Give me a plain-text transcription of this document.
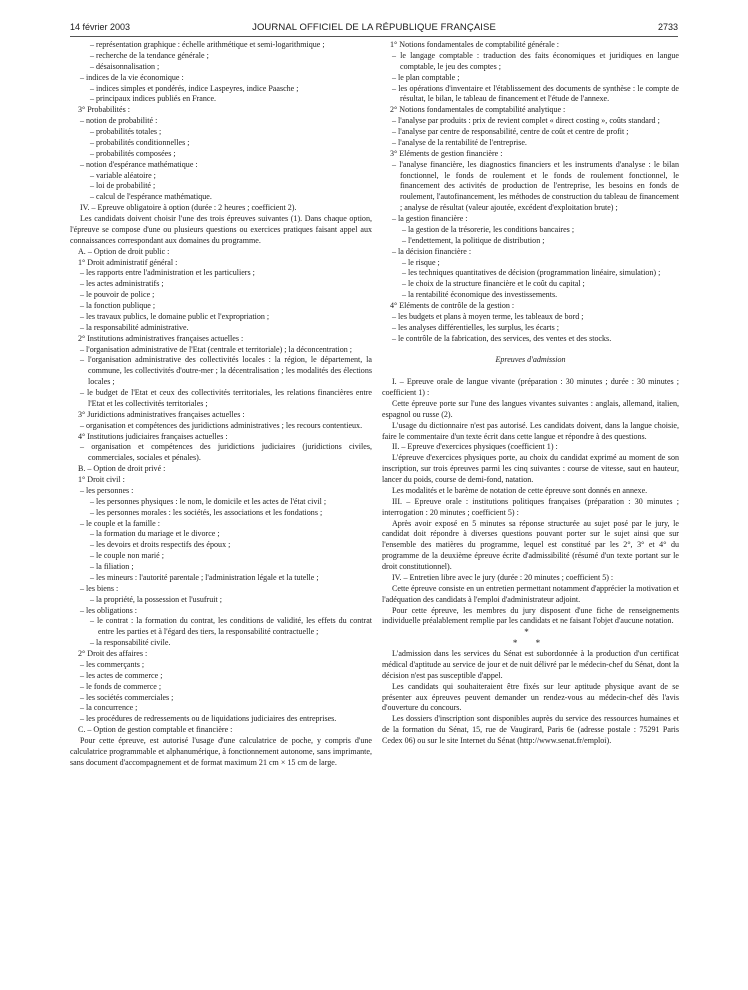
14 février 2003	JOURNAL OFFICIEL DE LA RÉPUBLIQUE FRANÇAISE	2733

– représentation graphique : échelle arithmétique et semi-logarithmique ;

– recherche de la tendance générale ;

– désaisonnalisation ;

– indices de la vie économique :

– indices simples et pondérés, indice Laspeyres, indice Paasche ;

– principaux indices publiés en France.

3° Probabilités :

– notion de probabilité :

– probabilités totales ;

– probabilités conditionnelles ;

– probabilités composées ;

– notion d'espérance mathématique :

– variable aléatoire ;

– loi de probabilité ;

– calcul de l'espérance mathématique.

IV. – Epreuve obligatoire à option (durée : 2 heures ; coefficient 2).

Les candidats doivent choisir l'une des trois épreuves suivantes (1). Dans chaque option, l'épreuve se compose d'une ou plusieurs questions ou exercices pratiques faisant appel aux connaissances correspondant aux domaines du programme.

A. – Option de droit public :

1° Droit administratif général :

– les rapports entre l'administration et les particuliers ;

– les actes administratifs ;

– le pouvoir de police ;

– la fonction publique ;

– les travaux publics, le domaine public et l'expropriation ;

– la responsabilité administrative.

2° Institutions administratives françaises actuelles :

– l'organisation administrative de l'Etat (centrale et territoriale) ; la déconcentration ;

– l'organisation administrative des collectivités locales : la région, le département, la commune, les collectivités d'outre-mer ; la décentralisation ; les modalités des élections locales ;

– le budget de l'Etat et ceux des collectivités territoriales, les relations financières entre l'Etat et les collectivités territoriales ;

3° Juridictions administratives françaises actuelles :

– organisation et compétences des juridictions administratives ; les recours contentieux.

4° Institutions judiciaires françaises actuelles :

– organisation et compétences des juridictions judiciaires (juridictions civiles, commerciales, sociales et pénales).

B. – Option de droit privé :

1° Droit civil :

– les personnes :

– les personnes physiques : le nom, le domicile et les actes de l'état civil ;

– les personnes morales : les sociétés, les associations et les fondations ;

– le couple et la famille :

– la formation du mariage et le divorce ;

– les devoirs et droits respectifs des époux ;

– le couple non marié ;

– la filiation ;

– les mineurs : l'autorité parentale ; l'administration légale et la tutelle ;

– les biens :

– la propriété, la possession et l'usufruit ;

– les obligations :

– le contrat : la formation du contrat, les conditions de validité, les effets du contrat entre les parties et à l'égard des tiers, la responsabilité contractuelle ;

– la responsabilité civile.

2° Droit des affaires :

– les commerçants ;

– les actes de commerce ;

– le fonds de commerce ;

– les sociétés commerciales ;

– la concurrence ;

– les procédures de redressements ou de liquidations judiciaires des entreprises.

C. – Option de gestion comptable et financière :

Pour cette épreuve, est autorisé l'usage d'une calculatrice de poche, y compris d'une calculatrice programmable et alphanumérique, à fonctionnement autonome, sans imprimante, sans document d'accompagnement et de format maximum 21 cm × 15 cm de large.

1° Notions fondamentales de comptabilité générale :

– le langage comptable : traduction des faits économiques et juridiques en langue comptable, le jeu des comptes ;

– le plan comptable ;

– les opérations d'inventaire et l'établissement des documents de synthèse : le compte de résultat, le bilan, le tableau de financement et l'étude de l'annexe.

2° Notions fondamentales de comptabilité analytique :

– l'analyse par produits : prix de revient complet « direct costing », coûts standard ;

– l'analyse par centre de responsabilité, centre de coût et centre de profit ;

– l'analyse de la rentabilité de l'entreprise.

3° Eléments de gestion financière :

– l'analyse financière, les diagnostics financiers et les instruments d'analyse : le bilan fonctionnel, le fonds de roulement et le fonds de roulement fonctionnel, le financement des activités de production de l'entreprise, les besoins en fonds de roulement, l'autofinancement, les méthodes de construction du tableau de financement ; analyse de résultat (valeur ajoutée, excédent d'exploitation brute) ;

– la gestion financière :

– la gestion de la trésorerie, les conditions bancaires ;

– l'endettement, la politique de distribution ;

– la décision financière :

– le risque ;

– les techniques quantitatives de décision (programmation linéaire, simulation) ;

– le choix de la structure financière et le coût du capital ;

– la rentabilité économique des investissements.

4° Eléments de contrôle de la gestion :

– les budgets et plans à moyen terme, les tableaux de bord ;

– les analyses différentielles, les surplus, les écarts ;

– le contrôle de la fabrication, des services, des ventes et des stocks.

Epreuves d'admission

I. – Epreuve orale de langue vivante (préparation : 30 minutes ; durée : 30 minutes ; coefficient 1) :

Cette épreuve porte sur l'une des langues vivantes suivantes : anglais, allemand, italien, espagnol ou russe (2).

L'usage du dictionnaire n'est pas autorisé. Les candidats doivent, dans la langue choisie, faire le commentaire d'un texte écrit dans cette langue et répondre à des questions.

II. – Epreuve d'exercices physiques (coefficient 1) :

L'épreuve d'exercices physiques porte, au choix du candidat exprimé au moment de son inscription, sur trois épreuves parmi les cinq suivantes : course de vitesse, saut en hauteur, lancer du poids, course de demi-fond, natation.

Les modalités et le barème de notation de cette épreuve sont donnés en annexe.

III. – Epreuve orale : institutions politiques françaises (préparation : 30 minutes ; interrogation : 20 minutes ; coefficient 5) :

Après avoir exposé en 5 minutes sa réponse structurée au sujet posé par le jury, le candidat doit répondre à diverses questions pouvant porter sur le sujet ainsi que sur l'ensemble des matières du programme, lequel est constitué par les 2°, 3° et 4° du programme de la deuxième épreuve écrite d'admissibilité (résumé d'un texte portant sur le droit constitutionnel).

IV. – Entretien libre avec le jury (durée : 20 minutes ; coefficient 5) :

Cette épreuve consiste en un entretien permettant notamment d'apprécier la motivation et l'adéquation des candidats à l'emploi d'administrateur adjoint.

Pour cette épreuve, les membres du jury disposent d'une fiche de renseignements individuelle préalablement remplie par les candidats et ne faisant l'objet d'aucune notation.

*

* *

L'admission dans les services du Sénat est subordonnée à la production d'un certificat médical d'aptitude au service de jour et de nuit délivré par le médecin-chef du Sénat, dont la décision n'est pas susceptible d'appel.

Les candidats qui souhaiteraient être fixés sur leur aptitude physique avant de se présenter aux épreuves peuvent demander un rendez-vous au médecin-chef dès l'avis d'ouverture du concours.

Les dossiers d'inscription sont disponibles auprès du service des ressources humaines et de la formation du Sénat, 15, rue de Vaugirard, Paris 6e (adresse postale : 75291 Paris Cedex 06) ou sur le site Internet du Sénat (http://www.senat.fr/emploi).
